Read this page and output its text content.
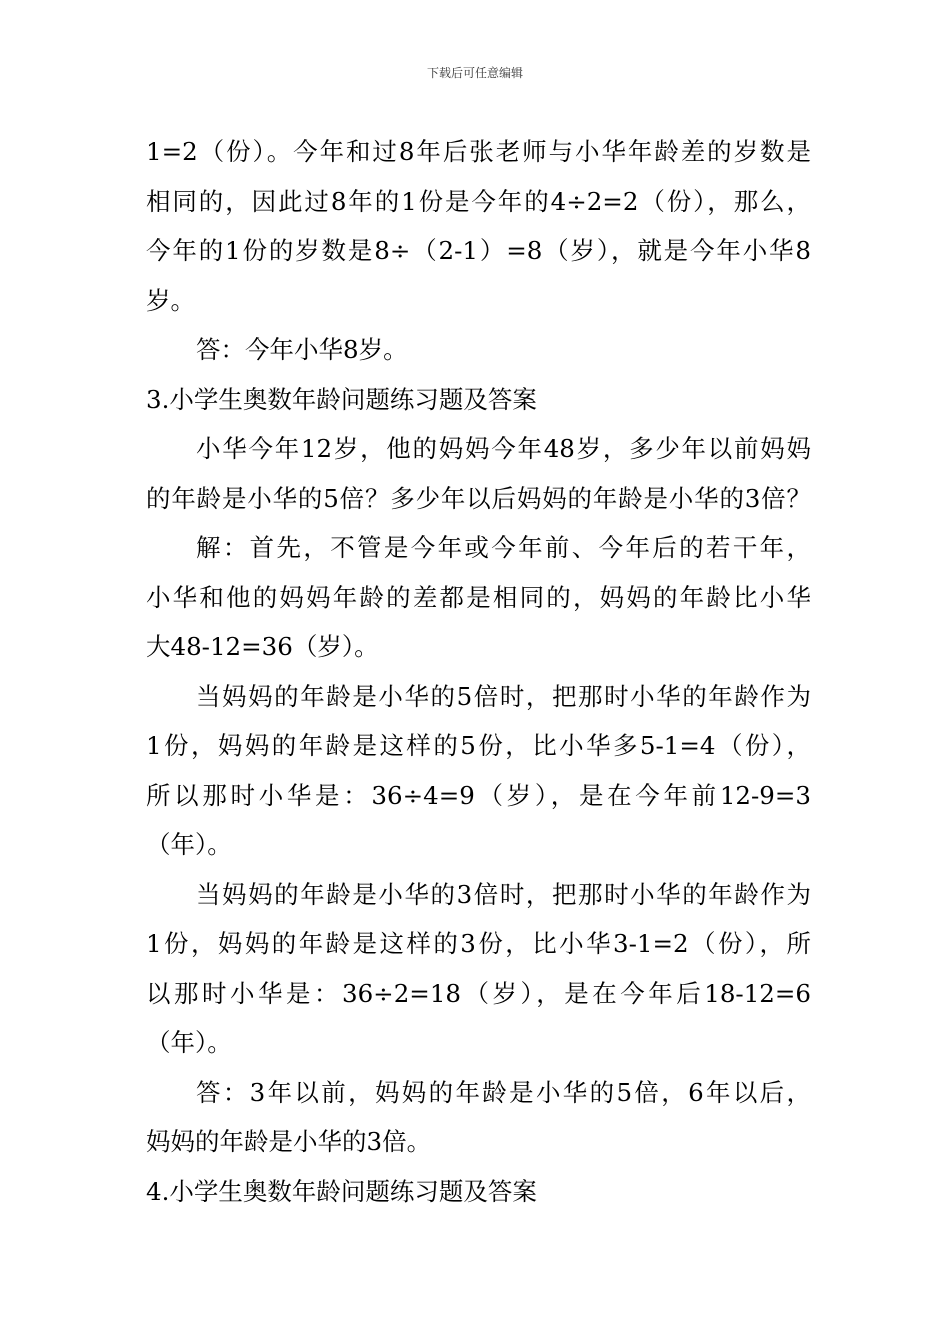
下载后可任意编辑
1=2（份）。今年和过8年后张老师与小华年龄差的岁数是
相同的，因此过8年的1份是今年的4÷2=2（份），那么，
今年的1份的岁数是8÷（2-1）=8（岁），就是今年小华8
岁。
答：今年小华8岁。
3.小学生奥数年龄问题练习题及答案
小华今年12岁，他的妈妈今年48岁，多少年以前妈妈
的年龄是小华的5倍？多少年以后妈妈的年龄是小华的3倍？
解：首先，不管是今年或今年前、今年后的若干年，
小华和他的妈妈年龄的差都是相同的，妈妈的年龄比小华
大48-12=36（岁）。
当妈妈的年龄是小华的5倍时，把那时小华的年龄作为
1份，妈妈的年龄是这样的5份，比小华多5-1=4（份），
所以那时小华是：36÷4=9（岁），是在今年前12-9=3
（年）。
当妈妈的年龄是小华的3倍时，把那时小华的年龄作为
1份，妈妈的年龄是这样的3份，比小华3-1=2（份），所
以那时小华是：36÷2=18（岁），是在今年后18-12=6
（年）。
答：3年以前，妈妈的年龄是小华的5倍，6年以后，
妈妈的年龄是小华的3倍。
4.小学生奥数年龄问题练习题及答案
